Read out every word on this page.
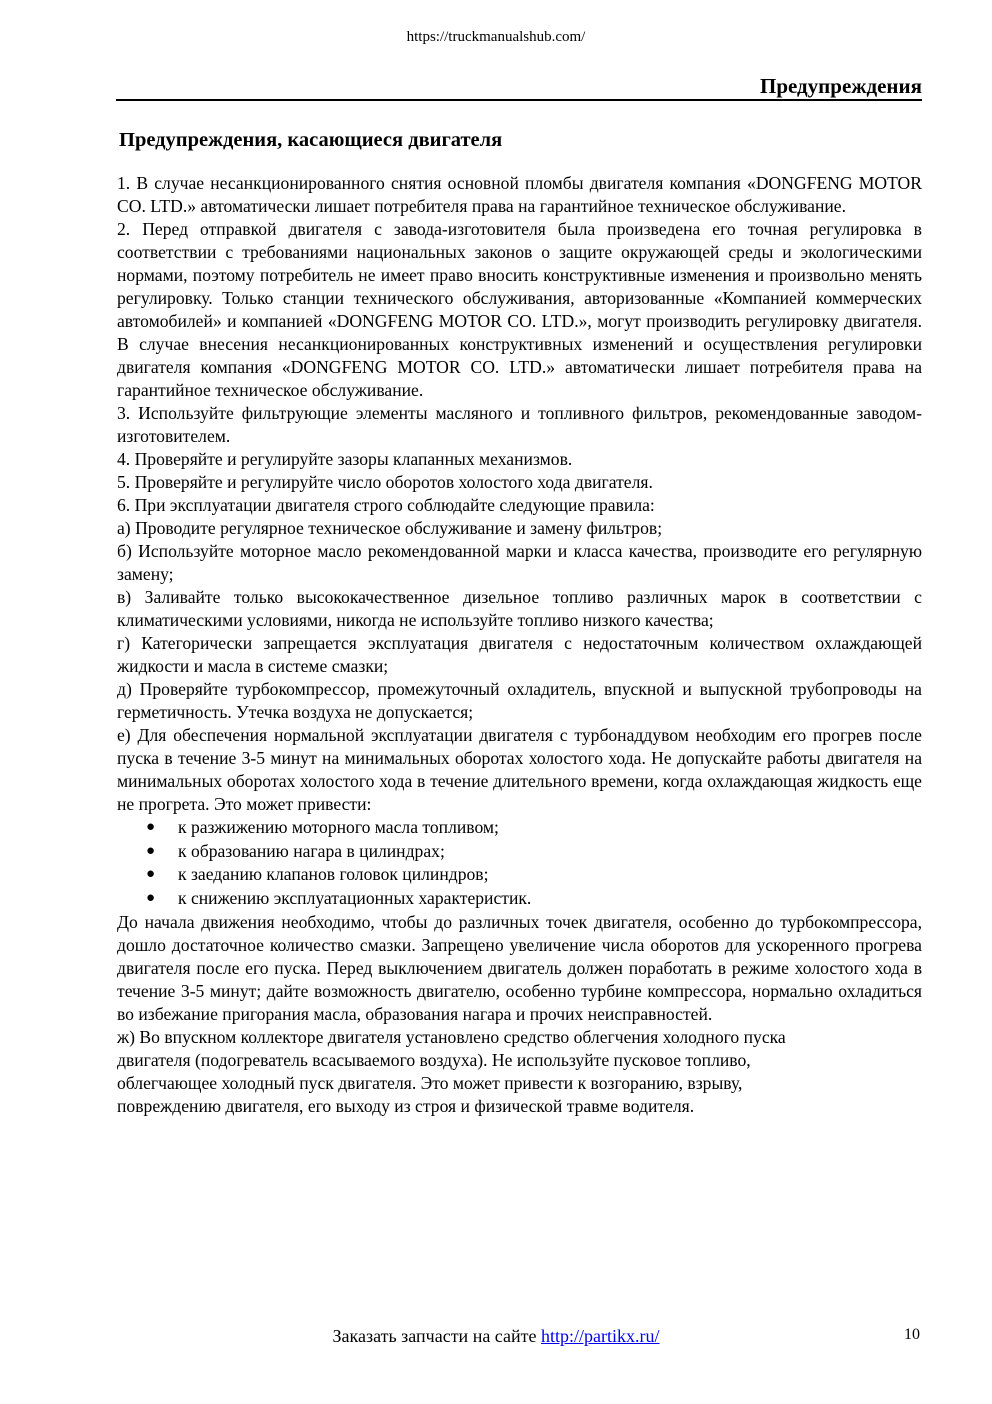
https://truckmanualshub.com/
Предупреждения
Предупреждения, касающиеся двигателя

1. В случае несанкционированного снятия основной пломбы двигателя компания «DONGFENG MOTOR CO. LTD.» автоматически лишает потребителя права на гарантийное техническое обслуживание.

2. Перед отправкой двигателя с завода-изготовителя была произведена его точная регулировка в соответствии с требованиями национальных законов о защите окружающей среды и экологическими нормами, поэтому потребитель не имеет право вносить конструктивные изменения и произвольно менять регулировку. Только станции технического обслуживания, авторизованные «Компанией коммерческих автомобилей» и компанией «DONGFENG MOTOR CO. LTD.», могут производить регулировку двигателя. В случае внесения несанкционированных конструктивных изменений и осуществления регулировки двигателя компания «DONGFENG MOTOR CO. LTD.» автоматически лишает потребителя права на гарантийное техническое обслуживание.

3. Используйте фильтрующие элементы масляного и топливного фильтров, рекомендованные заводом-изготовителем.

4. Проверяйте и регулируйте зазоры клапанных механизмов.

5. Проверяйте и регулируйте число оборотов холостого хода двигателя.

6. При эксплуатации двигателя строго соблюдайте следующие правила:

а) Проводите регулярное техническое обслуживание и замену фильтров;

б) Используйте моторное масло рекомендованной марки и класса качества, производите его регулярную замену;

в) Заливайте только высококачественное дизельное топливо различных марок в соответствии с климатическими условиями, никогда не используйте топливо низкого качества;

г) Категорически запрещается эксплуатация двигателя с недостаточным количеством охлаждающей жидкости и масла в системе смазки;

д) Проверяйте турбокомпрессор, промежуточный охладитель, впускной и выпускной трубопроводы на герметичность. Утечка воздуха не допускается;

е) Для обеспечения нормальной эксплуатации двигателя с турбонаддувом необходим его прогрев после пуска в течение 3-5 минут на минимальных оборотах холостого хода. Не допускайте работы двигателя на минимальных оборотах холостого хода в течение длительного времени, когда охлаждающая жидкость еще не прогрета. Это может привести:

● к разжижению моторного масла топливом;
● к образованию нагара в цилиндрах;
● к заеданию клапанов головок цилиндров;
● к снижению эксплуатационных характеристик.

До начала движения необходимо, чтобы до различных точек двигателя, особенно до турбокомпрессора, дошло достаточное количество смазки. Запрещено увеличение числа оборотов для ускоренного прогрева двигателя после его пуска. Перед выключением двигатель должен поработать в режиме холостого хода в течение 3-5 минут; дайте возможность двигателю, особенно турбине компрессора, нормально охладиться во избежание пригорания масла, образования нагара и прочих неисправностей.

ж) Во впускном коллекторе двигателя установлено средство облегчения холодного пуска

двигателя (подогреватель всасываемого воздуха). Не используйте пусковое топливо,

облегчающее холодный пуск двигателя. Это может привести к возгоранию, взрыву,

повреждению двигателя, его выходу из строя и физической травме водителя.

Заказать запчасти на сайте http://partikx.ru/	10
